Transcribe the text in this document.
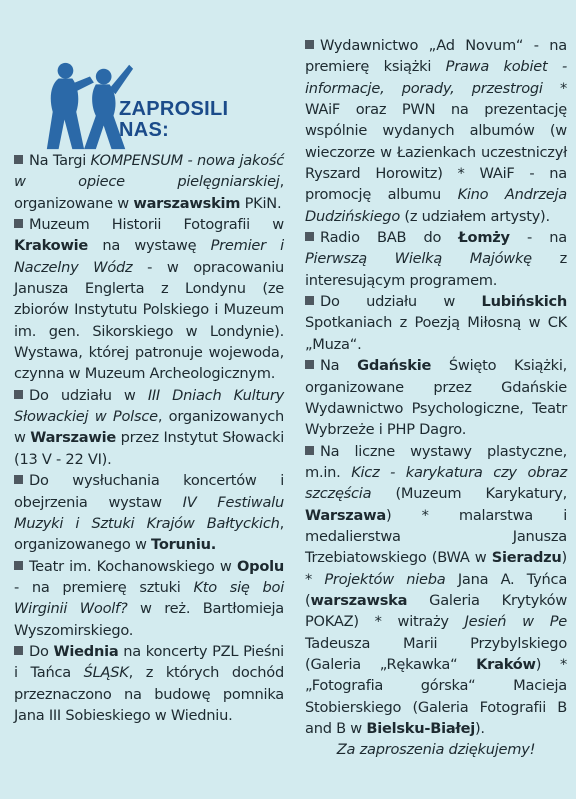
ZAPROSILI NAS:

Na Targi KOMPENSUM - nowa jakość w opiece pielęgniarskiej, organizowane w warszawskim PKiN.

Muzeum Historii Fotografii w Krakowie na wystawę Premier i Naczelny Wódz - w opracowaniu Janusza Englerta z Londynu (ze zbiorów Instytutu Polskiego i Muzeum im. gen. Sikorskiego w Londynie). Wystawa, której patronuje wojewoda, czynna w Muzeum Archeologicznym.

Do udziału w III Dniach Kultury Słowackiej w Polsce, organizowanych w Warszawie przez Instytut Słowacki (13 V - 22 VI).

Do wysłuchania koncertów i obejrzenia wystaw IV Festiwalu Muzyki i Sztuki Krajów Bałtyckich, organizowanego w Toruniu.

Teatr im. Kochanowskiego w Opolu - na premierę sztuki Kto się boi Wirginii Woolf? w reż. Bartłomieja Wyszomirskiego.

Do Wiednia na koncerty PZL Pieśni i Tańca ŚLĄSK, z których dochód przeznaczono na budowę pomnika Jana III Sobieskiego w Wiedniu.

Wydawnictwo „Ad Novum“ - na premierę książki Prawa kobiet - informacje, porady, przestrogi * WAiF oraz PWN na prezentację wspólnie wydanych albumów (w wieczorze w Łazienkach uczestniczył Ryszard Horowitz) * WAiF - na promocję albumu Kino Andrzeja Dudzińskiego (z udziałem artysty).

Radio BAB do Łomży - na Pierwszą Wielką Majówkę z interesującym programem.

Do udziału w Lubińskich Spotkaniach z Poezją Miłosną w CK „Muza“.

Na Gdańskie Święto Książki, organizowane przez Gdańskie Wydawnictwo Psychologiczne, Teatr Wybrzeże i PHP Dagro.

Na liczne wystawy plastyczne, m.in. Kicz - karykatura czy obraz szczęścia (Muzeum Karykatury, Warszawa) * malarstwa i medalierstwa Janusza Trzebiatowskiego (BWA w Sieradzu) * Projektów nieba Jana A. Tyńca (warszawska Galeria Krytyków POKAZ) * witraży Jesień w Pe Tadeusza Marii Przybylskiego (Galeria „Rękawka“ Kraków) * „Fotografia górska“ Macieja Stobierskiego (Galeria Fotografii B and B w Bielsku-Białej).

Za zaproszenia dziękujemy!
